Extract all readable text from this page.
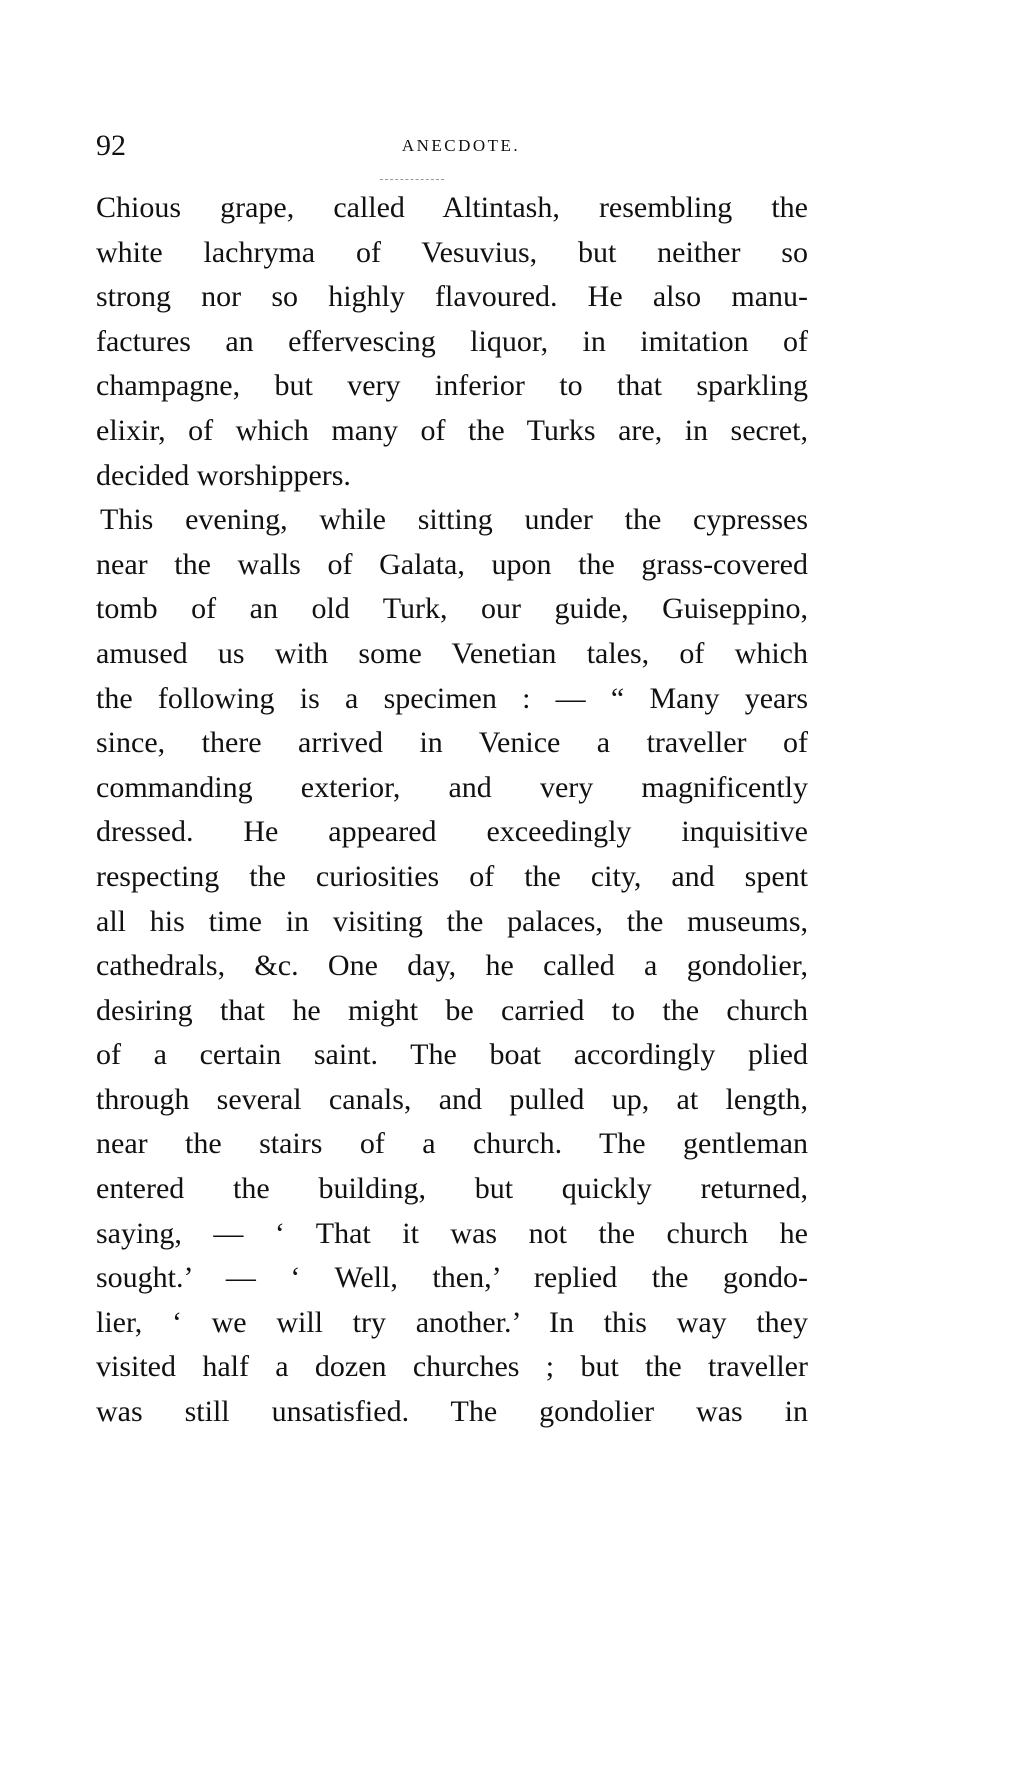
92	ANECDOTE.
Chious grape, called Altintash, resembling the
white lachryma of Vesuvius, but neither so
strong nor so highly flavoured. He also manu-
factures an effervescing liquor, in imitation of
champagne, but very inferior to that sparkling
elixir, of which many of the Turks are, in secret,
decided worshippers.
This evening, while sitting under the cypresses
near the walls of Galata, upon the grass-covered
tomb of an old Turk, our guide, Guiseppino,
amused us with some Venetian tales, of which
the following is a specimen : — “ Many years
since, there arrived in Venice a traveller of
commanding exterior, and very magnificently
dressed. He appeared exceedingly inquisitive
respecting the curiosities of the city, and spent
all his time in visiting the palaces, the museums,
cathedrals, &c. One day, he called a gondolier,
desiring that he might be carried to the church
of a certain saint. The boat accordingly plied
through several canals, and pulled up, at length,
near the stairs of a church. The gentleman
entered the building, but quickly returned,
saying, — ‘ That it was not the church he
sought.’ — ‘ Well, then,’ replied the gondo-
lier, ‘ we will try another.’ In this way they
visited half a dozen churches ; but the traveller
was still unsatisfied. The gondolier was in
